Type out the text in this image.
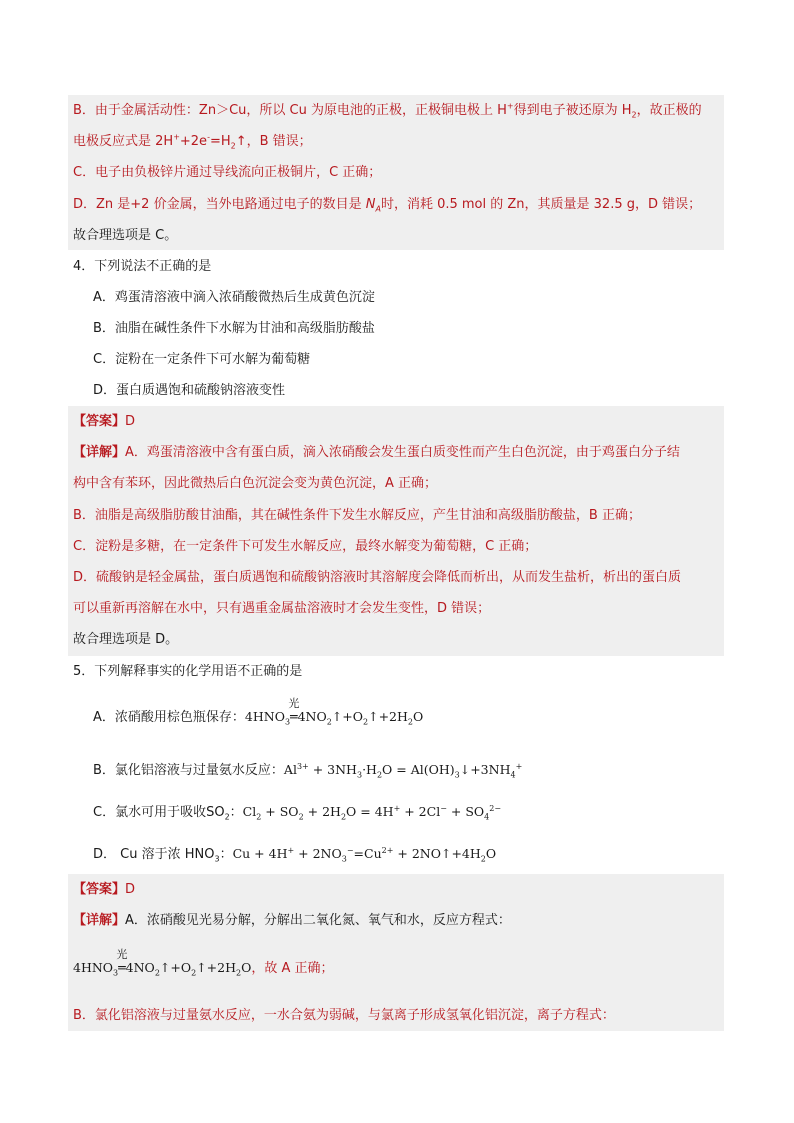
B．由于金属活动性：Zn＞Cu，所以 Cu 为原电池的正极，正极铜电极上 H+得到电子被还原为 $H_2$，故正极的
电极反应式是 $2H^++2e^-=H_2↑$，B 错误；
C．电子由负极锌片通过导线流向正极铜片，C 正确；
D．Zn 是+2 价金属，当外电路通过电子的数目是 $N_A$时，消耗 0.5 mol 的 Zn，其质量是 32.5 g，D 错误；
故合理选项是 C。
4．下列说法不正确的是
A．鸡蛋清溶液中滴入浓硝酸微热后生成黄色沉淀
B．油脂在碱性条件下水解为甘油和高级脂肪酸盐
C．淀粉在一定条件下可水解为葡萄糖
D．蛋白质遇饱和硫酸钠溶液变性
【答案】D
【详解】A．鸡蛋清溶液中含有蛋白质，滴入浓硝酸会发生蛋白质变性而产生白色沉淀，由于鸡蛋白分子结
构中含有苯环，因此微热后白色沉淀会变为黄色沉淀，A 正确；
B．油脂是高级脂肪酸甘油酯，其在碱性条件下发生水解反应，产生甘油和高级脂肪酸盐，B 正确；
C．淀粉是多糖，在一定条件下可发生水解反应，最终水解变为葡萄糖，C 正确；
D．硫酸钠是轻金属盐，蛋白质遇饱和硫酸钠溶液时其溶解度会降低而析出，从而发生盐析，析出的蛋白质
可以重新再溶解在水中，只有遇重金属盐溶液时才会发生变性，D 错误；
故合理选项是 D。
5．下列解释事实的化学用语不正确的是
A．浓硝酸用棕色瓶保存：$4HNO_3$
光
$═4NO_2↑+O_2↑+2H_2O$
B．氯化铝溶液与过量氨水反应：$Al^{3+} + 3NH_3\cdot H_2O$ = $Al(OH)_3↓+3NH_4^+$
C．氯水可用于吸收$SO_2$：$Cl_2 + SO_2 + 2H_2O = 4H^+ + 2Cl^- + SO_4^{2-}$
D． Cu 溶于浓 $HNO_3$：$Cu + 4H^+ + 2NO_3^-=Cu^{2+}$ + $2NO↑+4H_2O$
【答案】D
【详解】A．浓硝酸见光易分解，分解出二氧化氮、氧气和水，反应方程式：
$4HNO_3$
光
$═4NO_2↑+O_2↑+2H_2O$，故 A 正确；
B．氯化铝溶液与过量氨水反应，一水合氨为弱碱，与氯离子形成氢氧化铝沉淀，离子方程式：
